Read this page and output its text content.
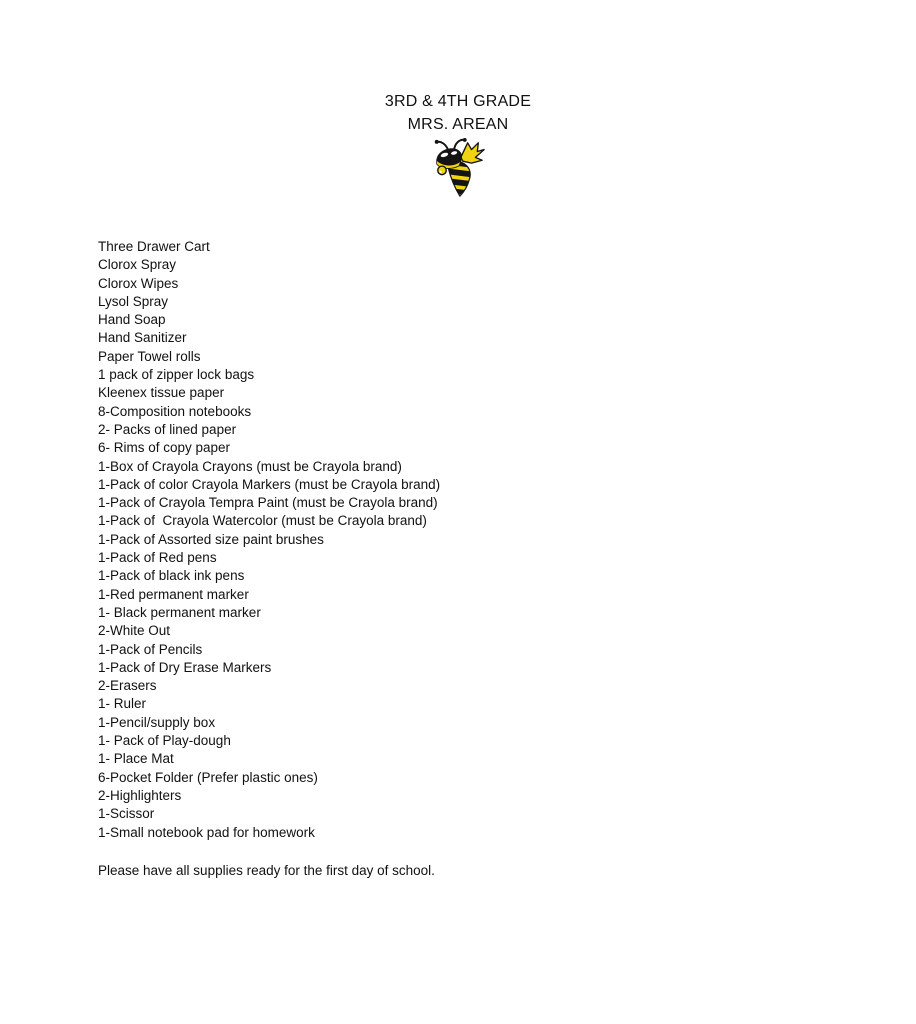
3RD & 4TH GRADE
MRS. AREAN
Three Drawer Cart
Clorox Spray
Clorox Wipes
Lysol Spray
Hand Soap
Hand Sanitizer
Paper Towel rolls
1 pack of zipper lock bags
Kleenex tissue paper
8-Composition notebooks
2- Packs of lined paper
6- Rims of copy paper
1-Box of Crayola Crayons (must be Crayola brand)
1-Pack of color Crayola Markers (must be Crayola brand)
1-Pack of Crayola Tempra Paint (must be Crayola brand)
1-Pack of  Crayola Watercolor (must be Crayola brand)
1-Pack of Assorted size paint brushes
1-Pack of Red pens
1-Pack of black ink pens
1-Red permanent marker
1- Black permanent marker
2-White Out
1-Pack of Pencils
1-Pack of Dry Erase Markers
2-Erasers
1- Ruler
1-Pencil/supply box
1- Pack of Play-dough
1- Place Mat
6-Pocket Folder (Prefer plastic ones)
2-Highlighters
1-Scissor
1-Small notebook pad for homework

Please have all supplies ready for the first day of school.
